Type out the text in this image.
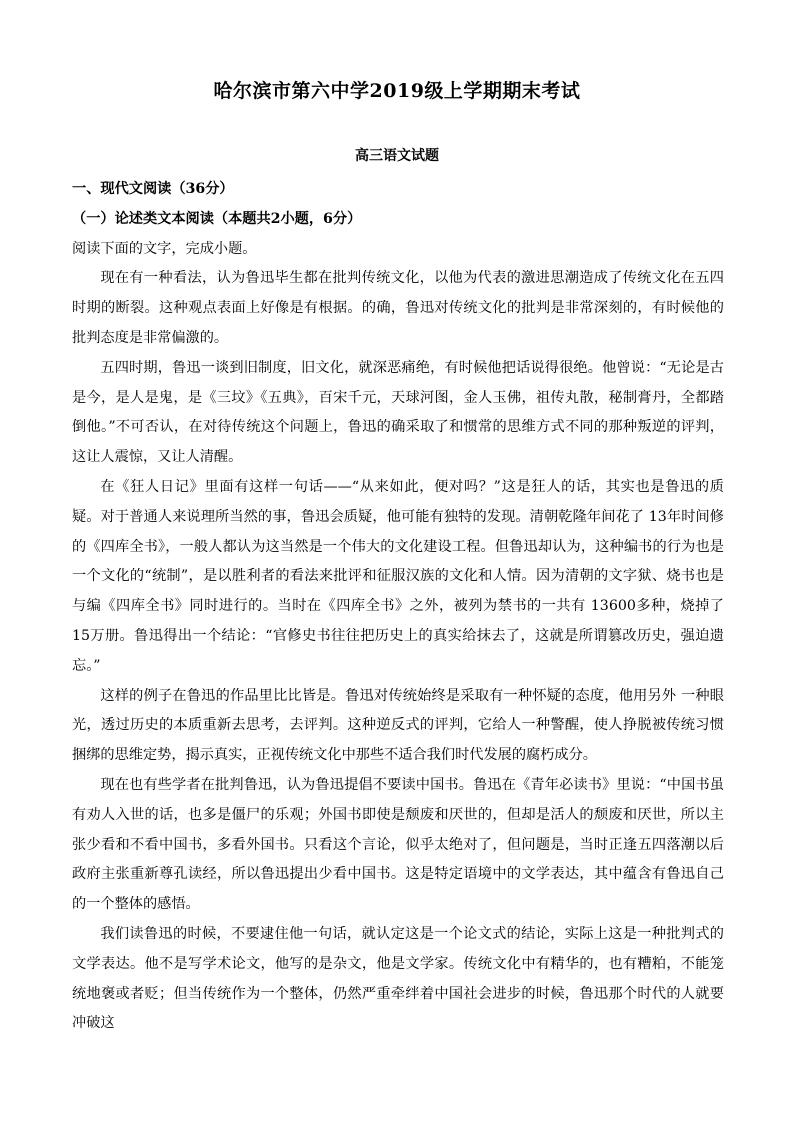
哈尔滨市第六中学2019级上学期期末考试
高三语文试题

一、现代文阅读（36分）

（一）论述类文本阅读（本题共2小题，6分）

阅读下面的文字，完成小题。

现在有一种看法，认为鲁迅毕生都在批判传统文化，以他为代表的激进思潮造成了传统文化在五四时期的断裂。这种观点表面上好像是有根据。的确，鲁迅对传统文化的批判是非常深刻的，有时候他的批判态度是非常偏激的。

五四时期，鲁迅一谈到旧制度，旧文化，就深恶痛绝，有时候他把话说得很绝。他曾说：“无论是古是今，是人是鬼，是《三坟》《五典》，百宋千元，天球河图，金人玉佛，祖传丸散，秘制膏丹，全都踏倒他。”不可否认，在对待传统这个问题上，鲁迅的确采取了和惯常的思维方式不同的那种叛逆的评判，这让人震惊，又让人清醒。

在《狂人日记》里面有这样一句话——“从来如此，便对吗？”这是狂人的话，其实也是鲁迅的质疑。对于普通人来说理所当然的事，鲁迅会质疑，他可能有独特的发现。清朝乾隆年间花了 13年时间修的《四库全书》，一般人都认为这当然是一个伟大的文化建设工程。但鲁迅却认为，这种编书的行为也是一个文化的“统制”，是以胜利者的看法来批评和征服汉族的文化和人情。因为清朝的文字狱、烧书也是与编《四库全书》同时进行的。当时在《四库全书》之外，被列为禁书的一共有 13600多种，烧掉了 15万册。鲁迅得出一个结论：“官修史书往往把历史上的真实给抹去了，这就是所谓篡改历史，强迫遗忘。”

这样的例子在鲁迅的作品里比比皆是。鲁迅对传统始终是采取有一种怀疑的态度，他用另外 一种眼光，透过历史的本质重新去思考，去评判。这种逆反式的评判，它给人一种警醒，使人挣脱被传统习惯捆绑的思维定势，揭示真实，正视传统文化中那些不适合我们时代发展的腐朽成分。

现在也有些学者在批判鲁迅，认为鲁迅提倡不要读中国书。鲁迅在《青年必读书》里说：“中国书虽有劝人入世的话，也多是僵尸的乐观；外国书即使是颓废和厌世的，但却是活人的颓废和厌世，所以主张少看和不看中国书，多看外国书。只看这个言论，似乎太绝对了，但问题是，当时正逢五四落潮以后政府主张重新尊孔读经，所以鲁迅提出少看中国书。这是特定语境中的文学表达，其中蕴含有鲁迅自己的一个整体的感悟。

我们读鲁迅的时候，不要逮住他一句话，就认定这是一个论文式的结论，实际上这是一种批判式的文学表达。他不是写学术论文，他写的是杂文，他是文学家。传统文化中有精华的，也有糟粕，不能笼统地褒或者贬；但当传统作为一个整体，仍然严重牵绊着中国社会进步的时候，鲁迅那个时代的人就要冲破这
